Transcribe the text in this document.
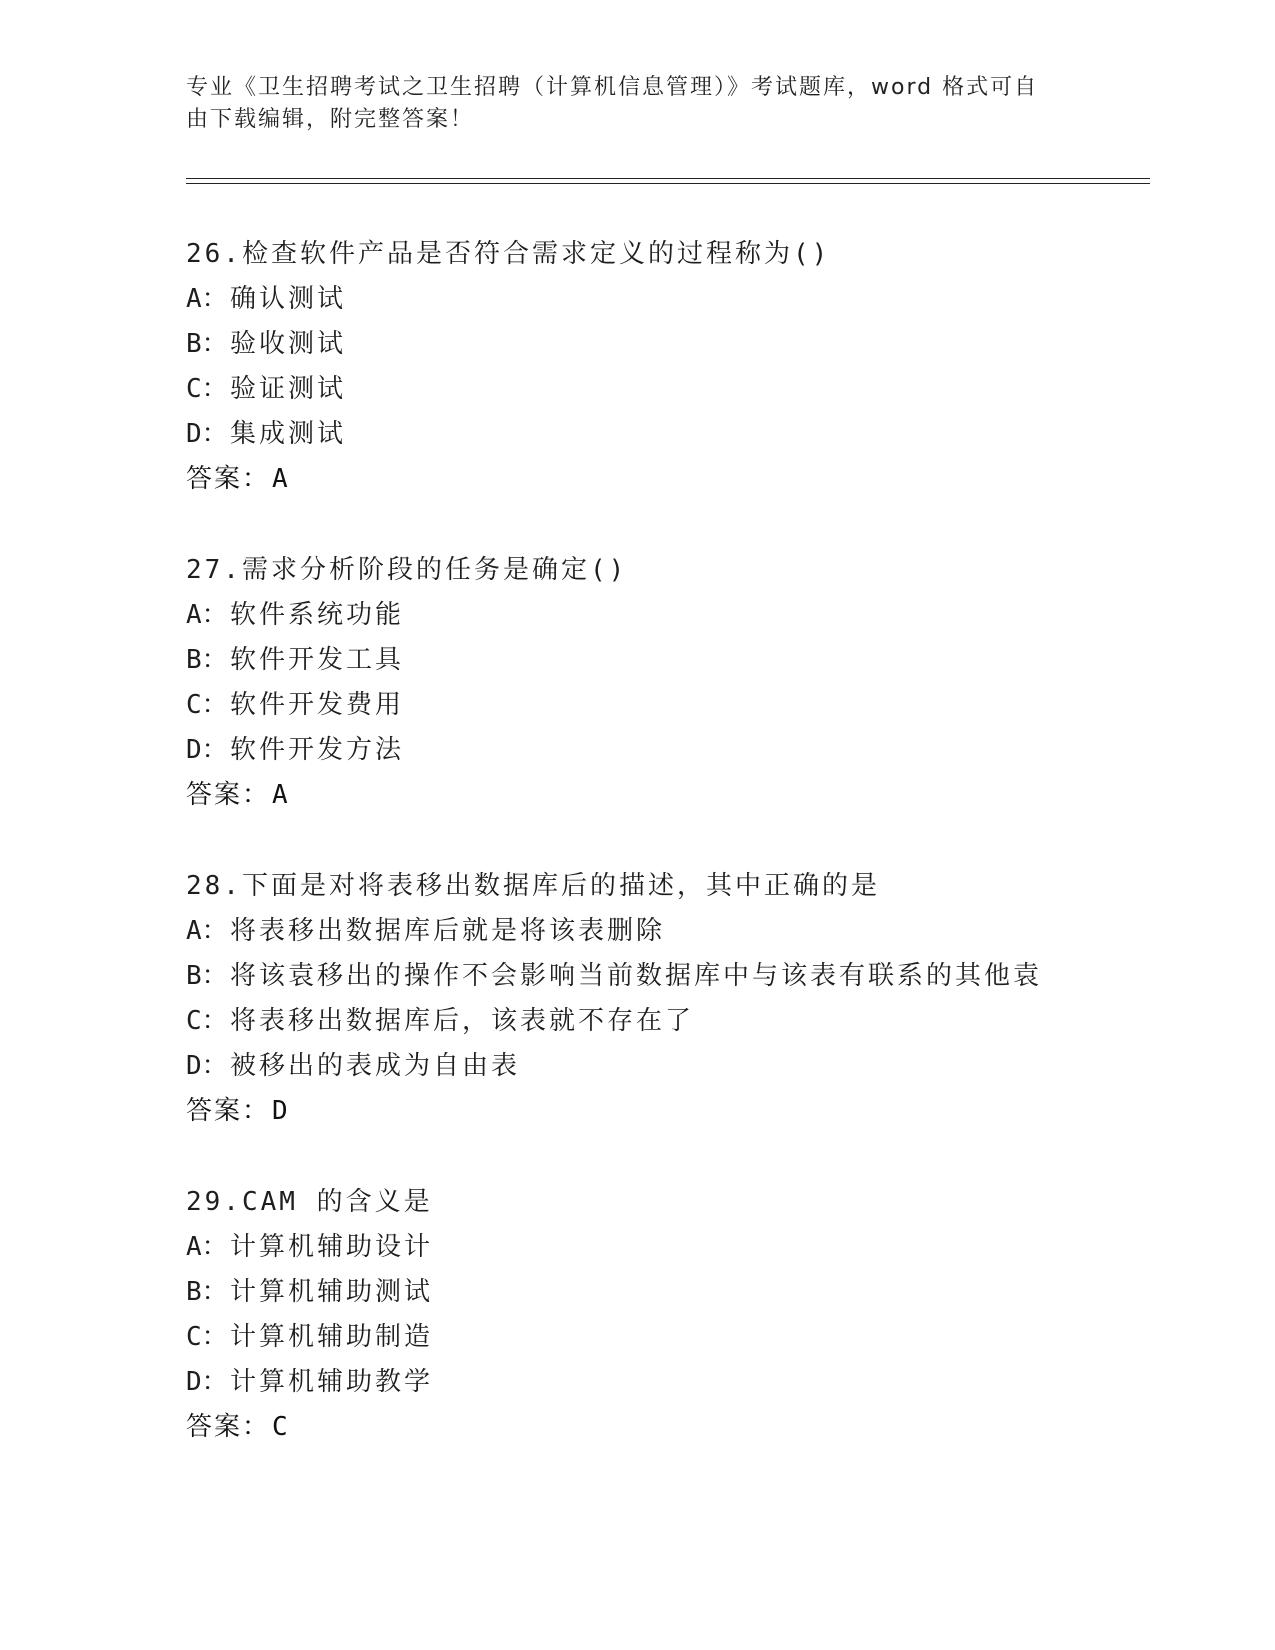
专业《卫生招聘考试之卫生招聘（计算机信息管理）》考试题库，word 格式可自
由下载编辑，附完整答案！
26.检查软件产品是否符合需求定义的过程称为()
A：确认测试
B：验收测试
C：验证测试
D：集成测试
答案：A
27.需求分析阶段的任务是确定()
A：软件系统功能
B：软件开发工具
C：软件开发费用
D：软件开发方法
答案：A
28.下面是对将表移出数据库后的描述，其中正确的是
A：将表移出数据库后就是将该表删除
B：将该袁移出的操作不会影响当前数据库中与该表有联系的其他袁
C：将表移出数据库后，该表就不存在了
D：被移出的表成为自由表
答案：D
29.CAM 的含义是
A：计算机辅助设计
B：计算机辅助测试
C：计算机辅助制造
D：计算机辅助教学
答案：C
